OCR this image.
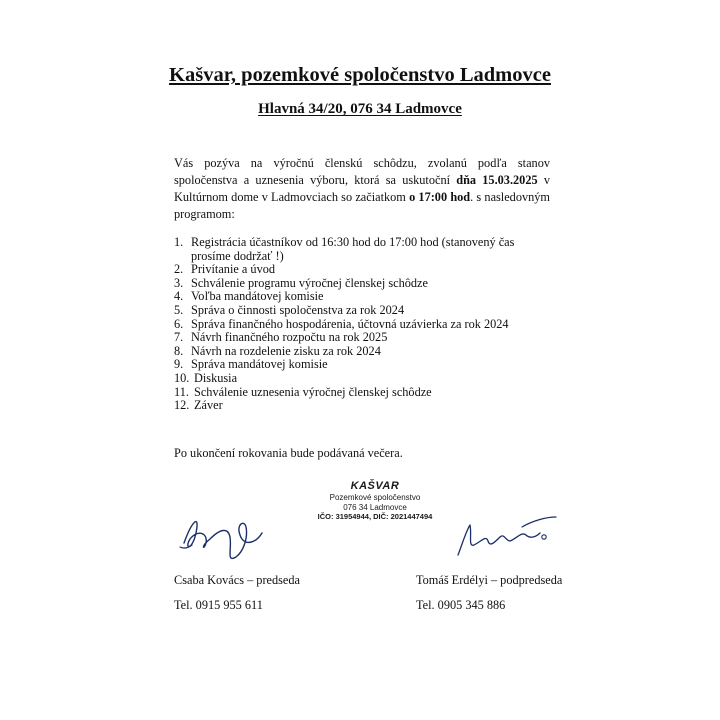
Kašvar, pozemkové spoločenstvo Ladmovce
Hlavná 34/20, 076 34 Ladmovce
Vás pozýva na výročnú členskú schôdzu, zvolanú podľa stanov spoločenstva a uznesenia výboru, ktorá sa uskutoční dňa 15.03.2025 v Kultúrnom dome v Ladmovciach so začiatkom o 17:00 hod. s nasledovným programom:
1. Registrácia účastníkov od 16:30 hod do 17:00 hod (stanovený čas prosíme dodržať !)
2. Privítanie a úvod
3. Schválenie programu výročnej členskej schôdze
4. Voľba mandátovej komisie
5. Správa o činnosti spoločenstva za rok 2024
6. Správa finančného hospodárenia, účtovná uzávierka za rok 2024
7. Návrh finančného rozpočtu na rok 2025
8. Návrh na rozdelenie zisku za rok 2024
9. Správa mandátovej komisie
10. Diskusia
11. Schválenie uznesenia výročnej členskej schôdze
12. Záver
Po ukončení rokovania bude podávaná večera.
KAŠVAR
Pozemkové spoločenstvo
076 34 Ladmovce
IČO: 31954944, DIČ: 2021447494
Csaba Kovács – predseda
Tel. 0915 955 611
Tomáš Erdélyi – podpredseda
Tel. 0905 345 886
